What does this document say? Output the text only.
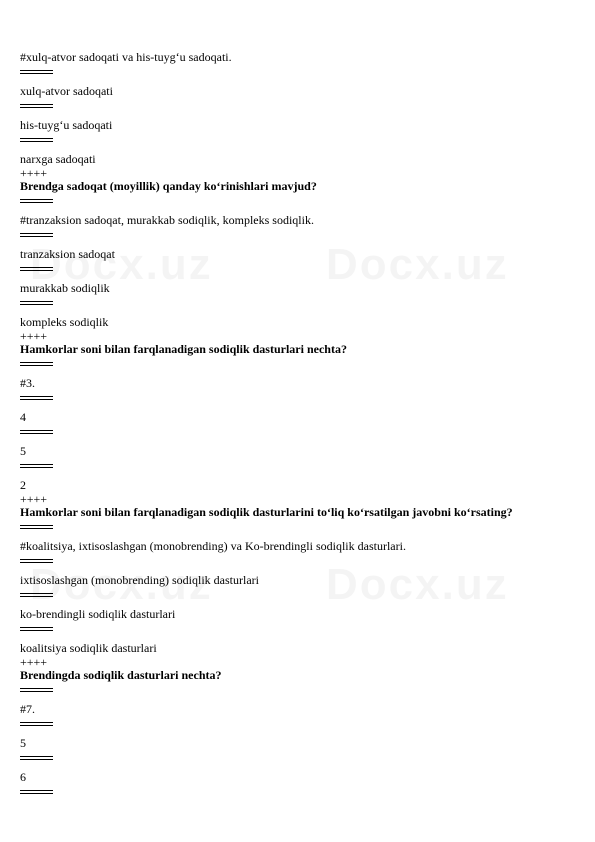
#xulq-atvor sadoqati va his-tuyg‘u sadoqati.
xulq-atvor sadoqati
his-tuyg‘u sadoqati
narxga sadoqati
++++
Brendga sadoqat (moyillik) qanday ko‘rinishlari mavjud?
#tranzaksion sadoqat, murakkab sodiqlik, kompleks sodiqlik.
tranzaksion sadoqat
murakkab sodiqlik
kompleks sodiqlik
++++
Hamkorlar soni bilan farqlanadigan sodiqlik dasturlari nechta?
#3.
4
5
2
++++
Hamkorlar soni bilan farqlanadigan sodiqlik dasturlarini to‘liq ko‘rsatilgan javobni ko‘rsating?
#koalitsiya, ixtisoslashgan (monobrending) va Ko-brendingli sodiqlik dasturlari.
ixtisoslashgan (monobrending) sodiqlik dasturlari
ko-brendingli sodiqlik dasturlari
koalitsiya sodiqlik dasturlari
++++
Brendingda sodiqlik dasturlari nechta?
#7.
5
6
